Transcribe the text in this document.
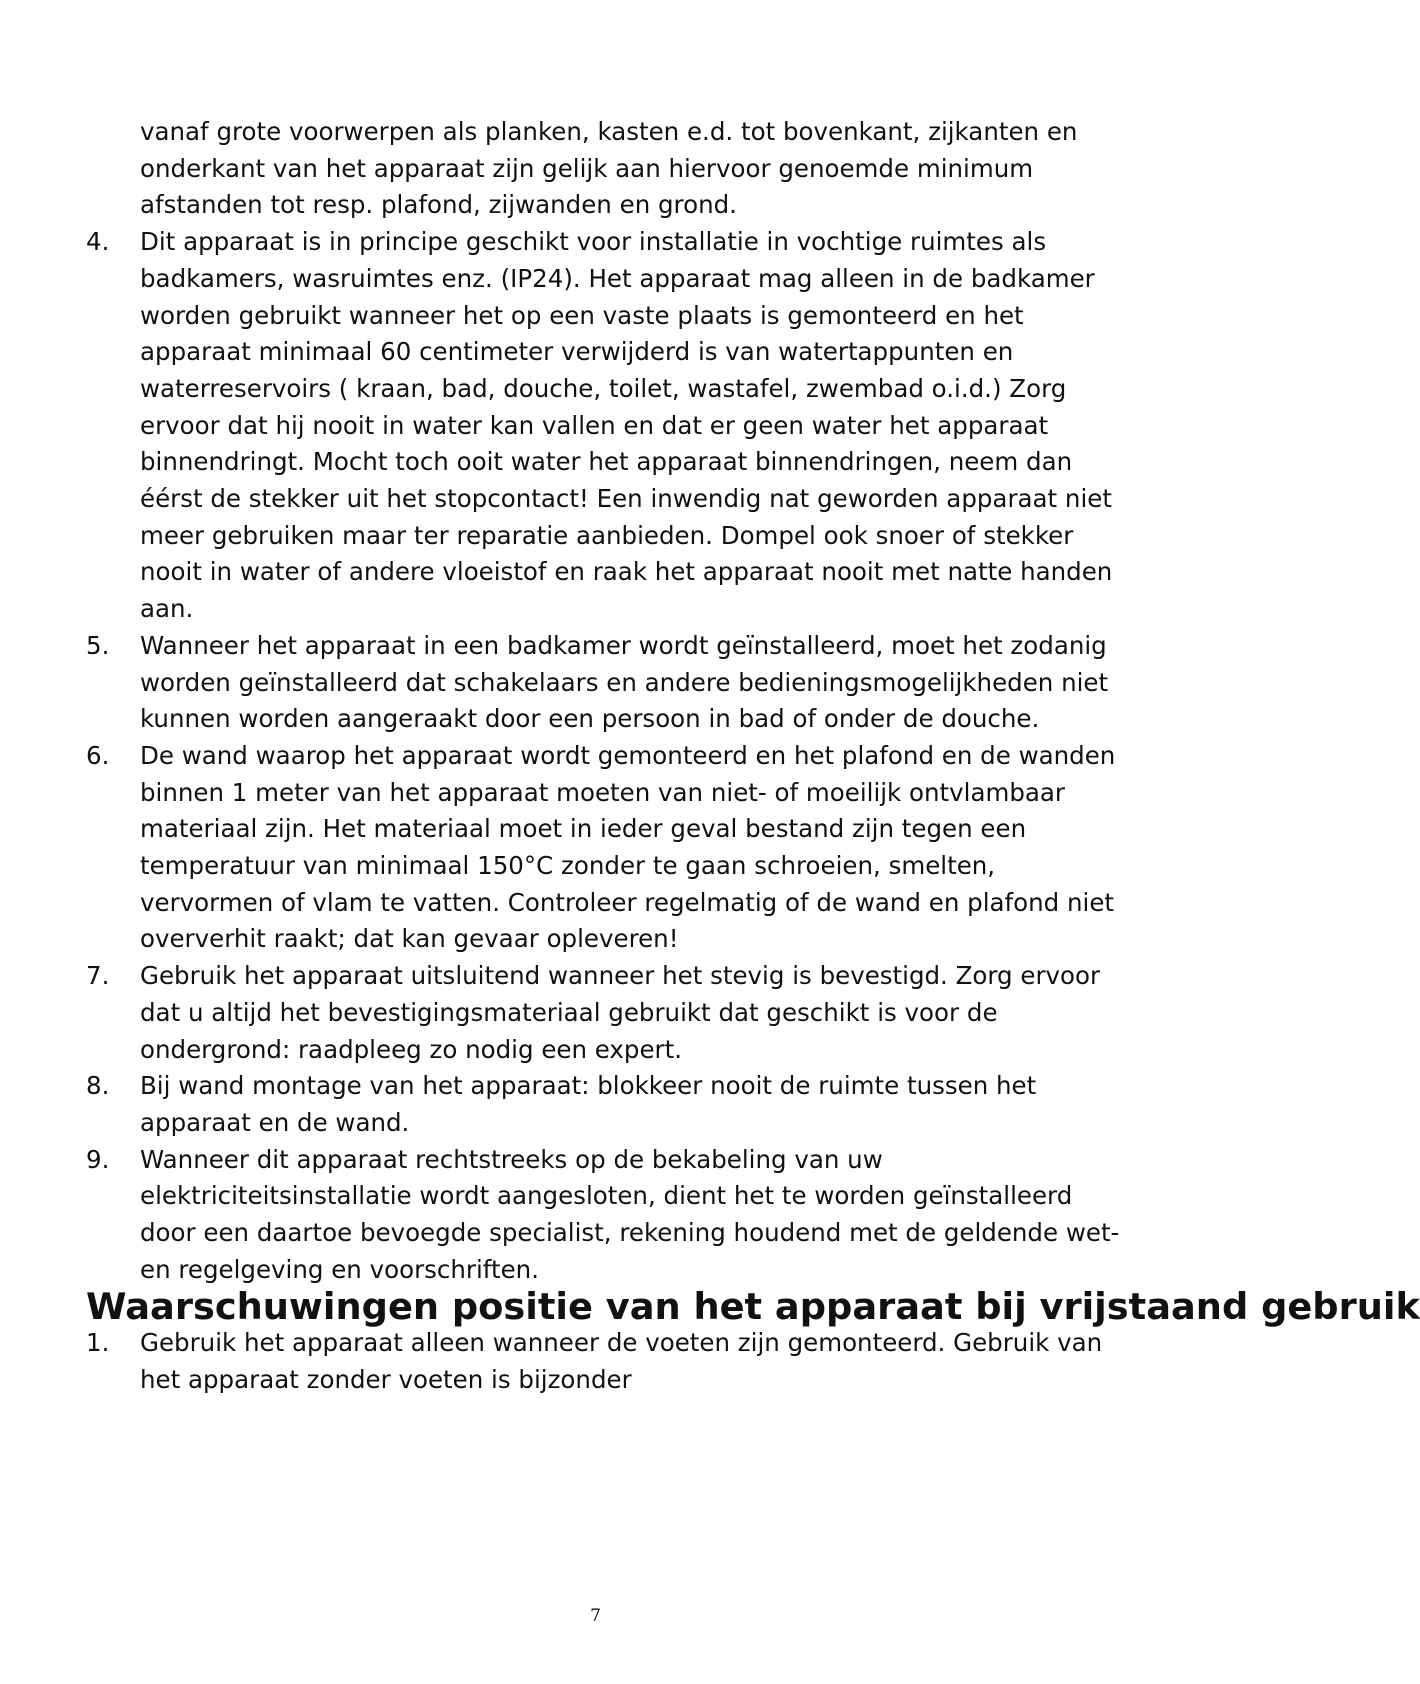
vanaf grote voorwerpen als planken, kasten e.d. tot bovenkant, zijkanten en onderkant van het apparaat zijn gelijk aan hiervoor genoemde minimum afstanden tot resp. plafond, zijwanden en grond.

4. Dit apparaat is in principe geschikt voor installatie in vochtige ruimtes als badkamers, wasruimtes enz. (IP24). Het apparaat mag alleen in de badkamer worden gebruikt wanneer het op een vaste plaats is gemonteerd en het apparaat minimaal 60 centimeter verwijderd is van watertappunten en waterreservoirs ( kraan, bad, douche, toilet, wastafel, zwembad o.i.d.) Zorg ervoor dat hij nooit in water kan vallen en dat er geen water het apparaat binnendringt. Mocht toch ooit water het apparaat binnendringen, neem dan éérst de stekker uit het stopcontact! Een inwendig nat geworden apparaat niet meer gebruiken maar ter reparatie aanbieden. Dompel ook snoer of stekker nooit in water of andere vloeistof en raak het apparaat nooit met natte handen aan.
5. Wanneer het apparaat in een badkamer wordt geïnstalleerd, moet het zodanig worden geïnstalleerd dat schakelaars en andere bedieningsmogelijkheden niet kunnen worden aangeraakt door een persoon in bad of onder de douche.
6. De wand waarop het apparaat wordt gemonteerd en het plafond en de wanden binnen 1 meter van het apparaat moeten van niet- of moeilijk ontvlambaar materiaal zijn. Het materiaal moet in ieder geval bestand zijn tegen een temperatuur van minimaal 150°C zonder te gaan schroeien, smelten, vervormen of vlam te vatten. Controleer regelmatig of de wand en plafond niet oververhit raakt; dat kan gevaar opleveren!
7. Gebruik het apparaat uitsluitend wanneer het stevig is bevestigd. Zorg ervoor dat u altijd het bevestigingsmateriaal gebruikt dat geschikt is voor de ondergrond: raadpleeg zo nodig een expert.
8. Bij wand montage van het apparaat: blokkeer nooit de ruimte tussen het apparaat en de wand.
9. Wanneer dit apparaat rechtstreeks op de bekabeling van uw elektriciteitsinstallatie wordt aangesloten, dient het te worden geïnstalleerd door een daartoe bevoegde specialist, rekening houdend met de geldende wet- en regelgeving en voorschriften.
Waarschuwingen positie van het apparaat bij vrijstaand gebruik
1. Gebruik het apparaat alleen wanneer de voeten zijn gemonteerd. Gebruik van het apparaat zonder voeten is bijzonder
7
